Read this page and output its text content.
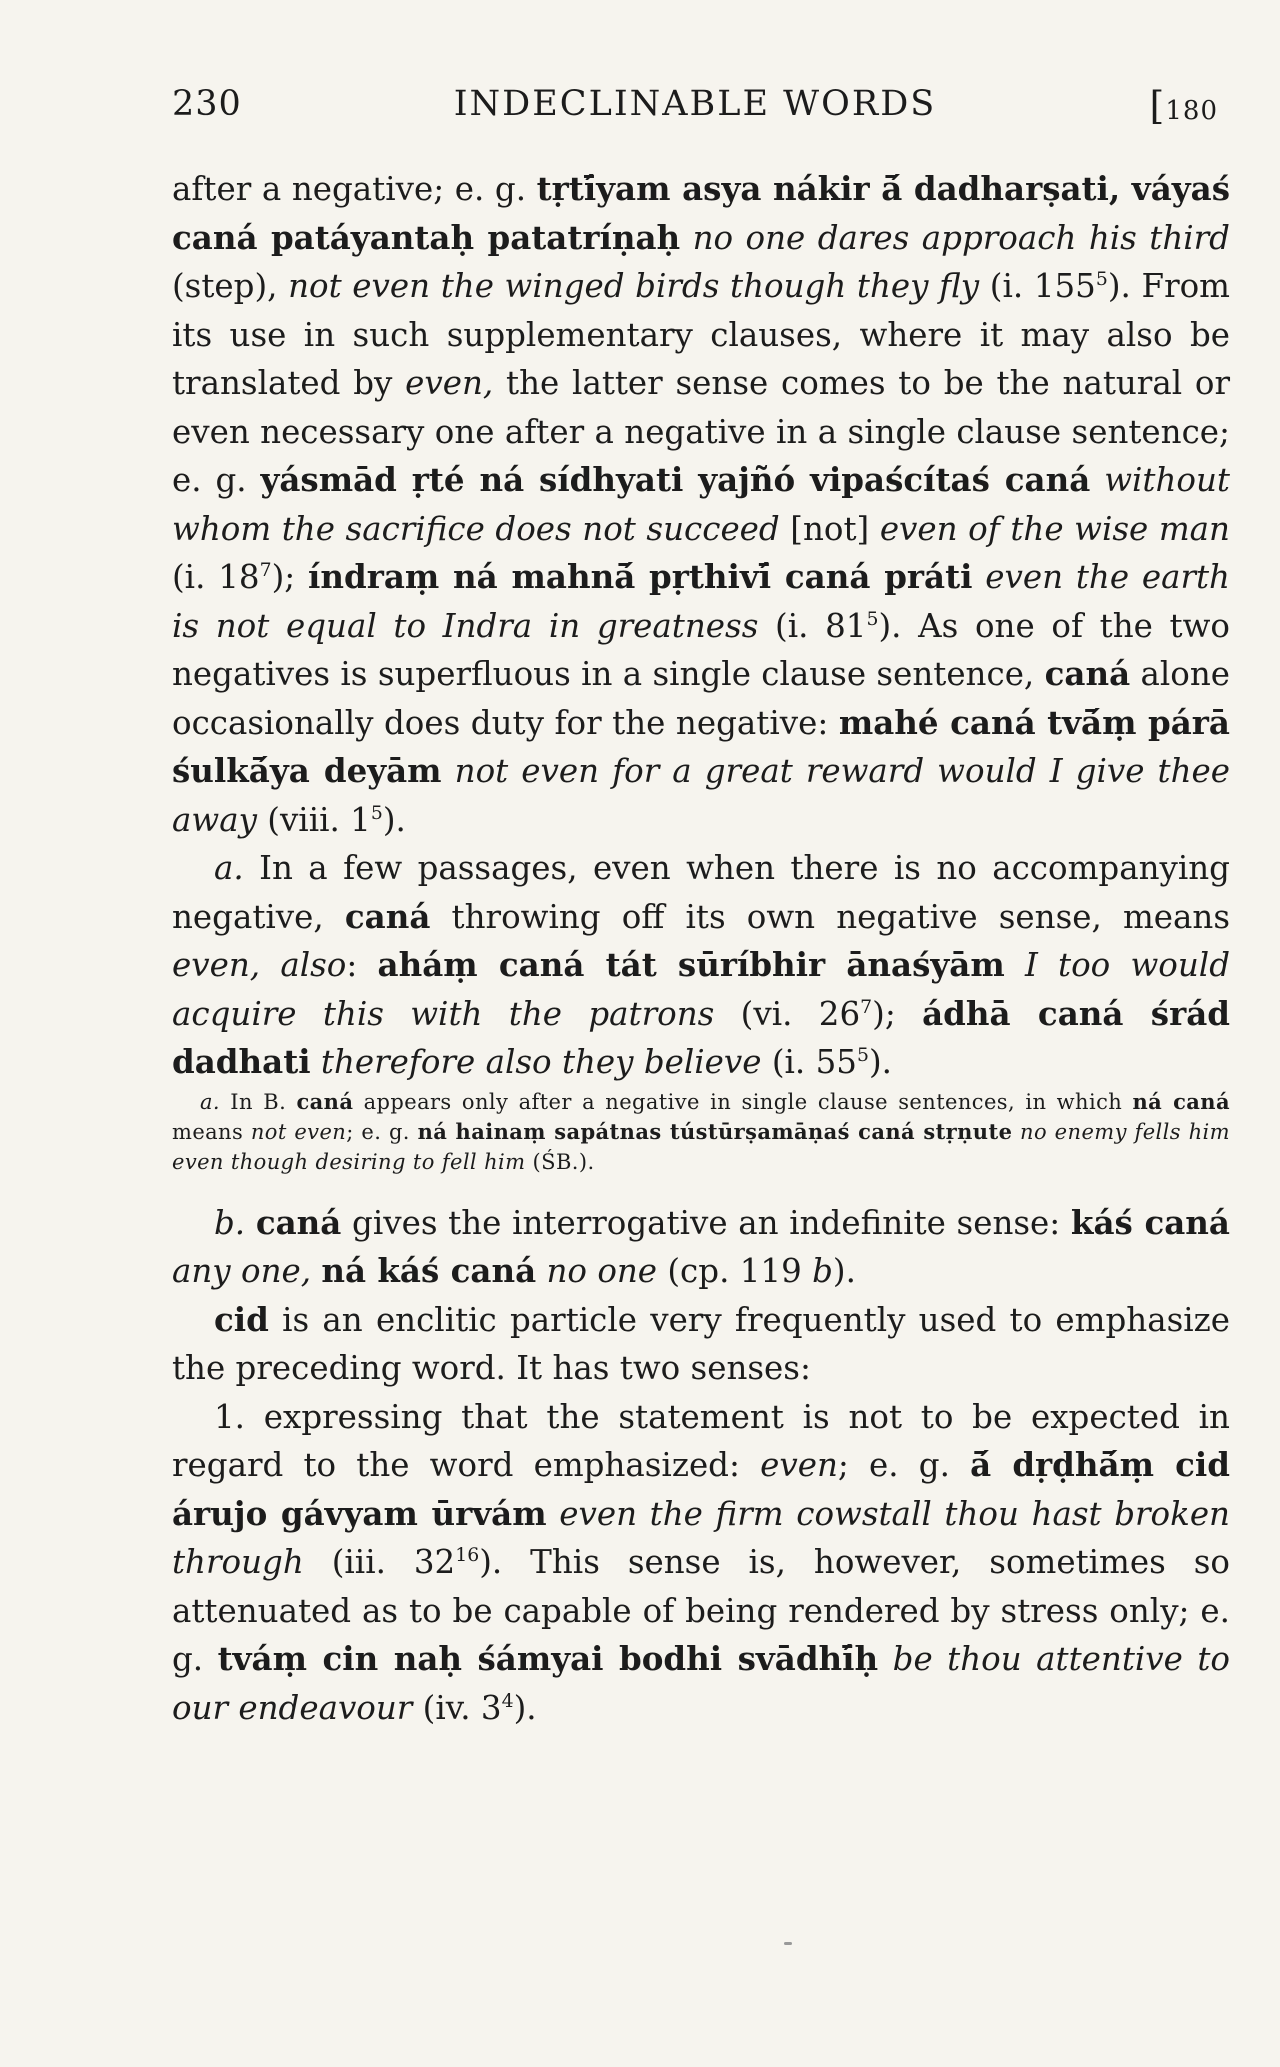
230	INDECLINABLE WORDS	[180

after a negative; e. g. tṛtī́yam asya nákir ā́ dadharṣati, váyaś caná patáyantaḥ patatríṇaḥ no one dares approach his third (step), not even the winged birds though they fly (i. $155^5$). From its use in such supplementary clauses, where it may also be translated by even, the latter sense comes to be the natural or even necessary one after a negative in a single clause sentence; e. g. yásmād ṛté ná sídhyati yajñó vipaścítaś caná without whom the sacrifice does not succeed [not] even of the wise man (i. $18^7$); índraṃ ná mahnā́ pṛthivī́ caná práti even the earth is not equal to Indra in greatness (i. $81^5$). As one of the two negatives is superfluous in a single clause sentence, caná alone occasionally does duty for the negative: mahé caná tvā́ṃ párā śulkā́ya deyām not even for a great reward would I give thee away (viii. $1^5$).

a. In a few passages, even when there is no accompanying negative, caná throwing off its own negative sense, means even, also: aháṃ caná tát sūríbhir ānaśyām I too would acquire this with the patrons (vi. $26^7$); ádhā caná śrád dadhati therefore also they believe (i. $55^5$).

a. In B. caná appears only after a negative in single clause sentences, in which ná caná means not even; e. g. ná hainaṃ sapátnas tústūrṣamāṇaś caná stṛṇute no enemy fells him even though desiring to fell him (ŚB.).

b. caná gives the interrogative an indefinite sense: káś caná any one, ná káś caná no one (cp. 119 b).

cid is an enclitic particle very frequently used to emphasize the preceding word. It has two senses:

1. expressing that the statement is not to be expected in regard to the word emphasized: even; e. g. ā́ dṛḍhā́ṃ cid árujo gávyam ūrvám even the firm cowstall thou hast broken through (iii. $32^{16}$). This sense is, however, sometimes so attenuated as to be capable of being rendered by stress only; e. g. tváṃ cin naḥ śámyai bodhi svādhī́ḥ be thou attentive to our endeavour (iv. $3^4$).
